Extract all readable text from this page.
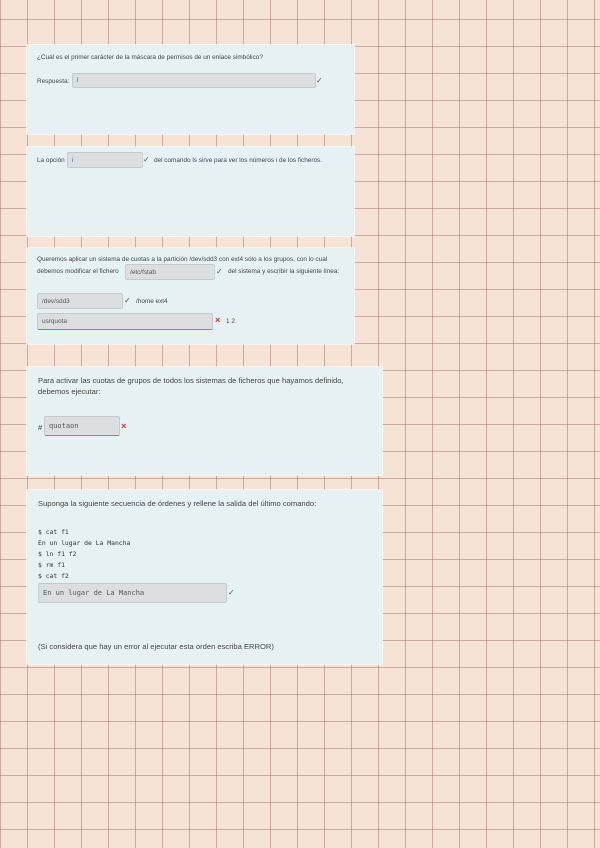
¿Cuál es el primer carácter de la máscara de permisos de un enlace simbólico?
Respuesta: l	✓
La opción i	✓ del comando ls sirve para ver los números i de los ficheros.
Queremos aplicar un sistema de cuotas a la partición /dev/sdd3 con ext4 sólo a los grupos, con lo cual
debemos modificar el fichero /etc/fstab	✓ del sistema y escribir la siguiente línea:
/dev/sdd3	✓ /home ext4
usrquota	× 1 2
Para activar las cuotas de grupos de todos los sistemas de ficheros que hayamos definido, debemos ejecutar:
# quotaon	×
Suponga la siguiente secuencia de órdenes y rellene la salida del último comando:
$ cat f1
En un lugar de La Mancha
$ ln f1 f2
$ rm f1
$ cat f2
En un lugar de La Mancha	✓
(Si considera que hay un error al ejecutar esta orden escriba ERROR)
